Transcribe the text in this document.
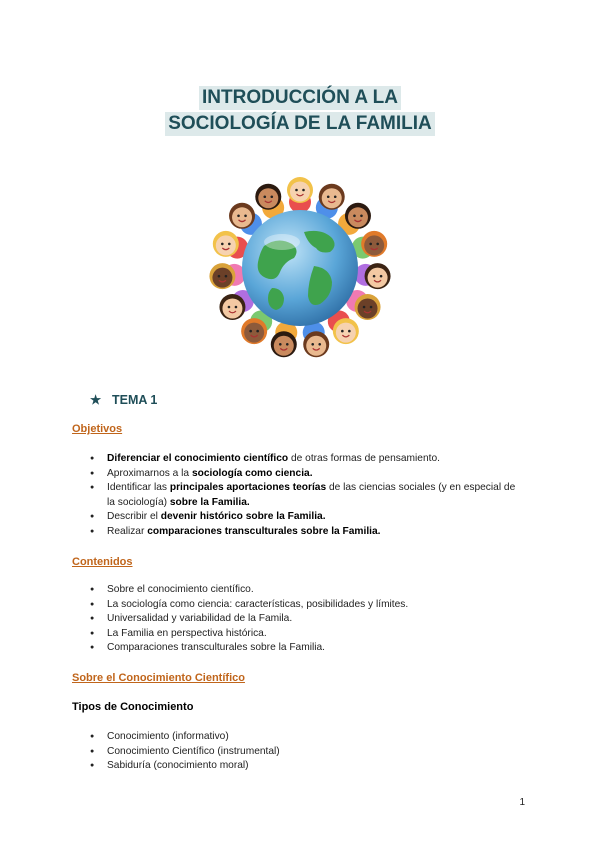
INTRODUCCIÓN A LA
SOCIOLOGÍA DE LA FAMILIA
★ TEMA 1
Objetivos
● Diferenciar el conocimiento científico de otras formas de pensamiento.
● Aproximarnos a la sociología como ciencia.
● Identificar las principales aportaciones teorías de las ciencias sociales (y en especial de la sociología) sobre la Familia.
● Describir el devenir histórico sobre la Familia.
● Realizar comparaciones transculturales sobre la Familia.
Contenidos
● Sobre el conocimiento científico.
● La sociología como ciencia: características, posibilidades y límites.
● Universalidad y variabilidad de la Famila.
● La Familia en perspectiva histórica.
● Comparaciones transculturales sobre la Familia.
Sobre el Conocimiento Científico
Tipos de Conocimiento
● Conocimiento (informativo)
● Conocimiento Científico (instrumental)
● Sabiduría (conocimiento moral)
1
